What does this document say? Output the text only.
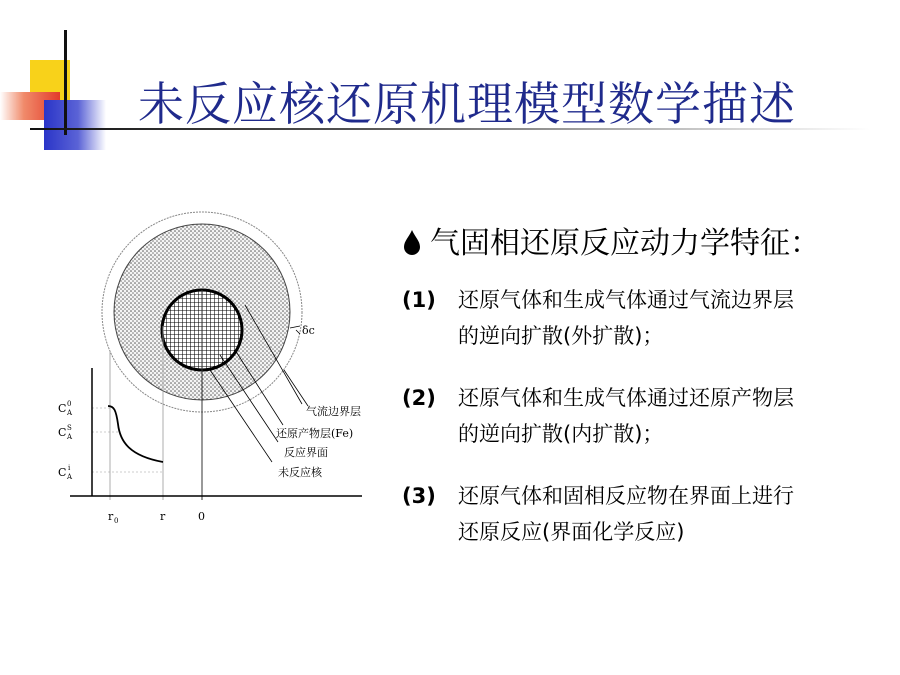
未反应核还原机理模型数学描述
δc
气流边界层
还原产物层(Fe)
反应界面
未反应核
C 0
A
C S
A
C i
A
r 0	r	0
气固相还原反应动力学特征：
(1) 还原气体和生成气体通过气流边界层
的逆向扩散(外扩散)；
(2) 还原气体和生成气体通过还原产物层
的逆向扩散(内扩散)；
(3) 还原气体和固相反应物在界面上进行
还原反应(界面化学反应)
